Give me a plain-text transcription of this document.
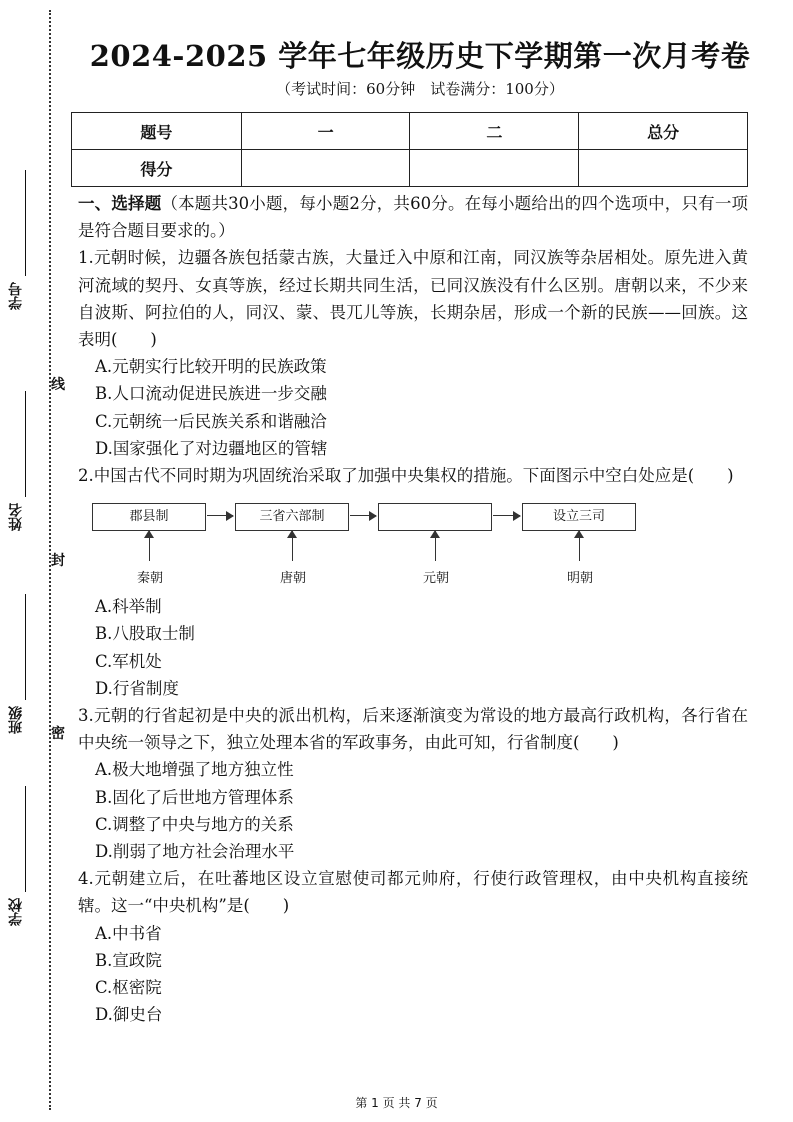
线
封
密
学号
姓名
班级
学校
2024-2025 学年七年级历史下学期第一次月考卷
（考试时间：60分钟　试卷满分：100分）
题号	一	二	总分
得分			

一、选择题（本题共30小题，每小题2分，共60分。在每小题给出的四个选项中，只有一项是符合题目要求的。）

1.元朝时候，边疆各族包括蒙古族，大量迁入中原和江南，同汉族等杂居相处。原先进入黄河流域的契丹、女真等族，经过长期共同生活，已同汉族没有什么区别。唐朝以来，不少来自波斯、阿拉伯的人，同汉、蒙、畏兀儿等族，长期杂居，形成一个新的民族——回族。这表明(　　)

A.元朝实行比较开明的民族政策

B.人口流动促进民族进一步交融

C.元朝统一后民族关系和谐融洽

D.国家强化了对边疆地区的管辖

2.中国古代不同时期为巩固统治采取了加强中央集权的措施。下面图示中空白处应是(　　)

郡县制	三省六部制	设立三司
秦朝	唐朝	元朝	明朝

A.科举制

B.八股取士制

C.军机处

D.行省制度

3.元朝的行省起初是中央的派出机构，后来逐渐演变为常设的地方最高行政机构，各行省在中央统一领导之下，独立处理本省的军政事务，由此可知，行省制度(　　)

A.极大地增强了地方独立性

B.固化了后世地方管理体系

C.调整了中央与地方的关系

D.削弱了地方社会治理水平

4.元朝建立后，在吐蕃地区设立宣慰使司都元帅府，行使行政管理权，由中央机构直接统辖。这一“中央机构”是(　　)

A.中书省

B.宣政院

C.枢密院

D.御史台

第 1 页 共 7 页
